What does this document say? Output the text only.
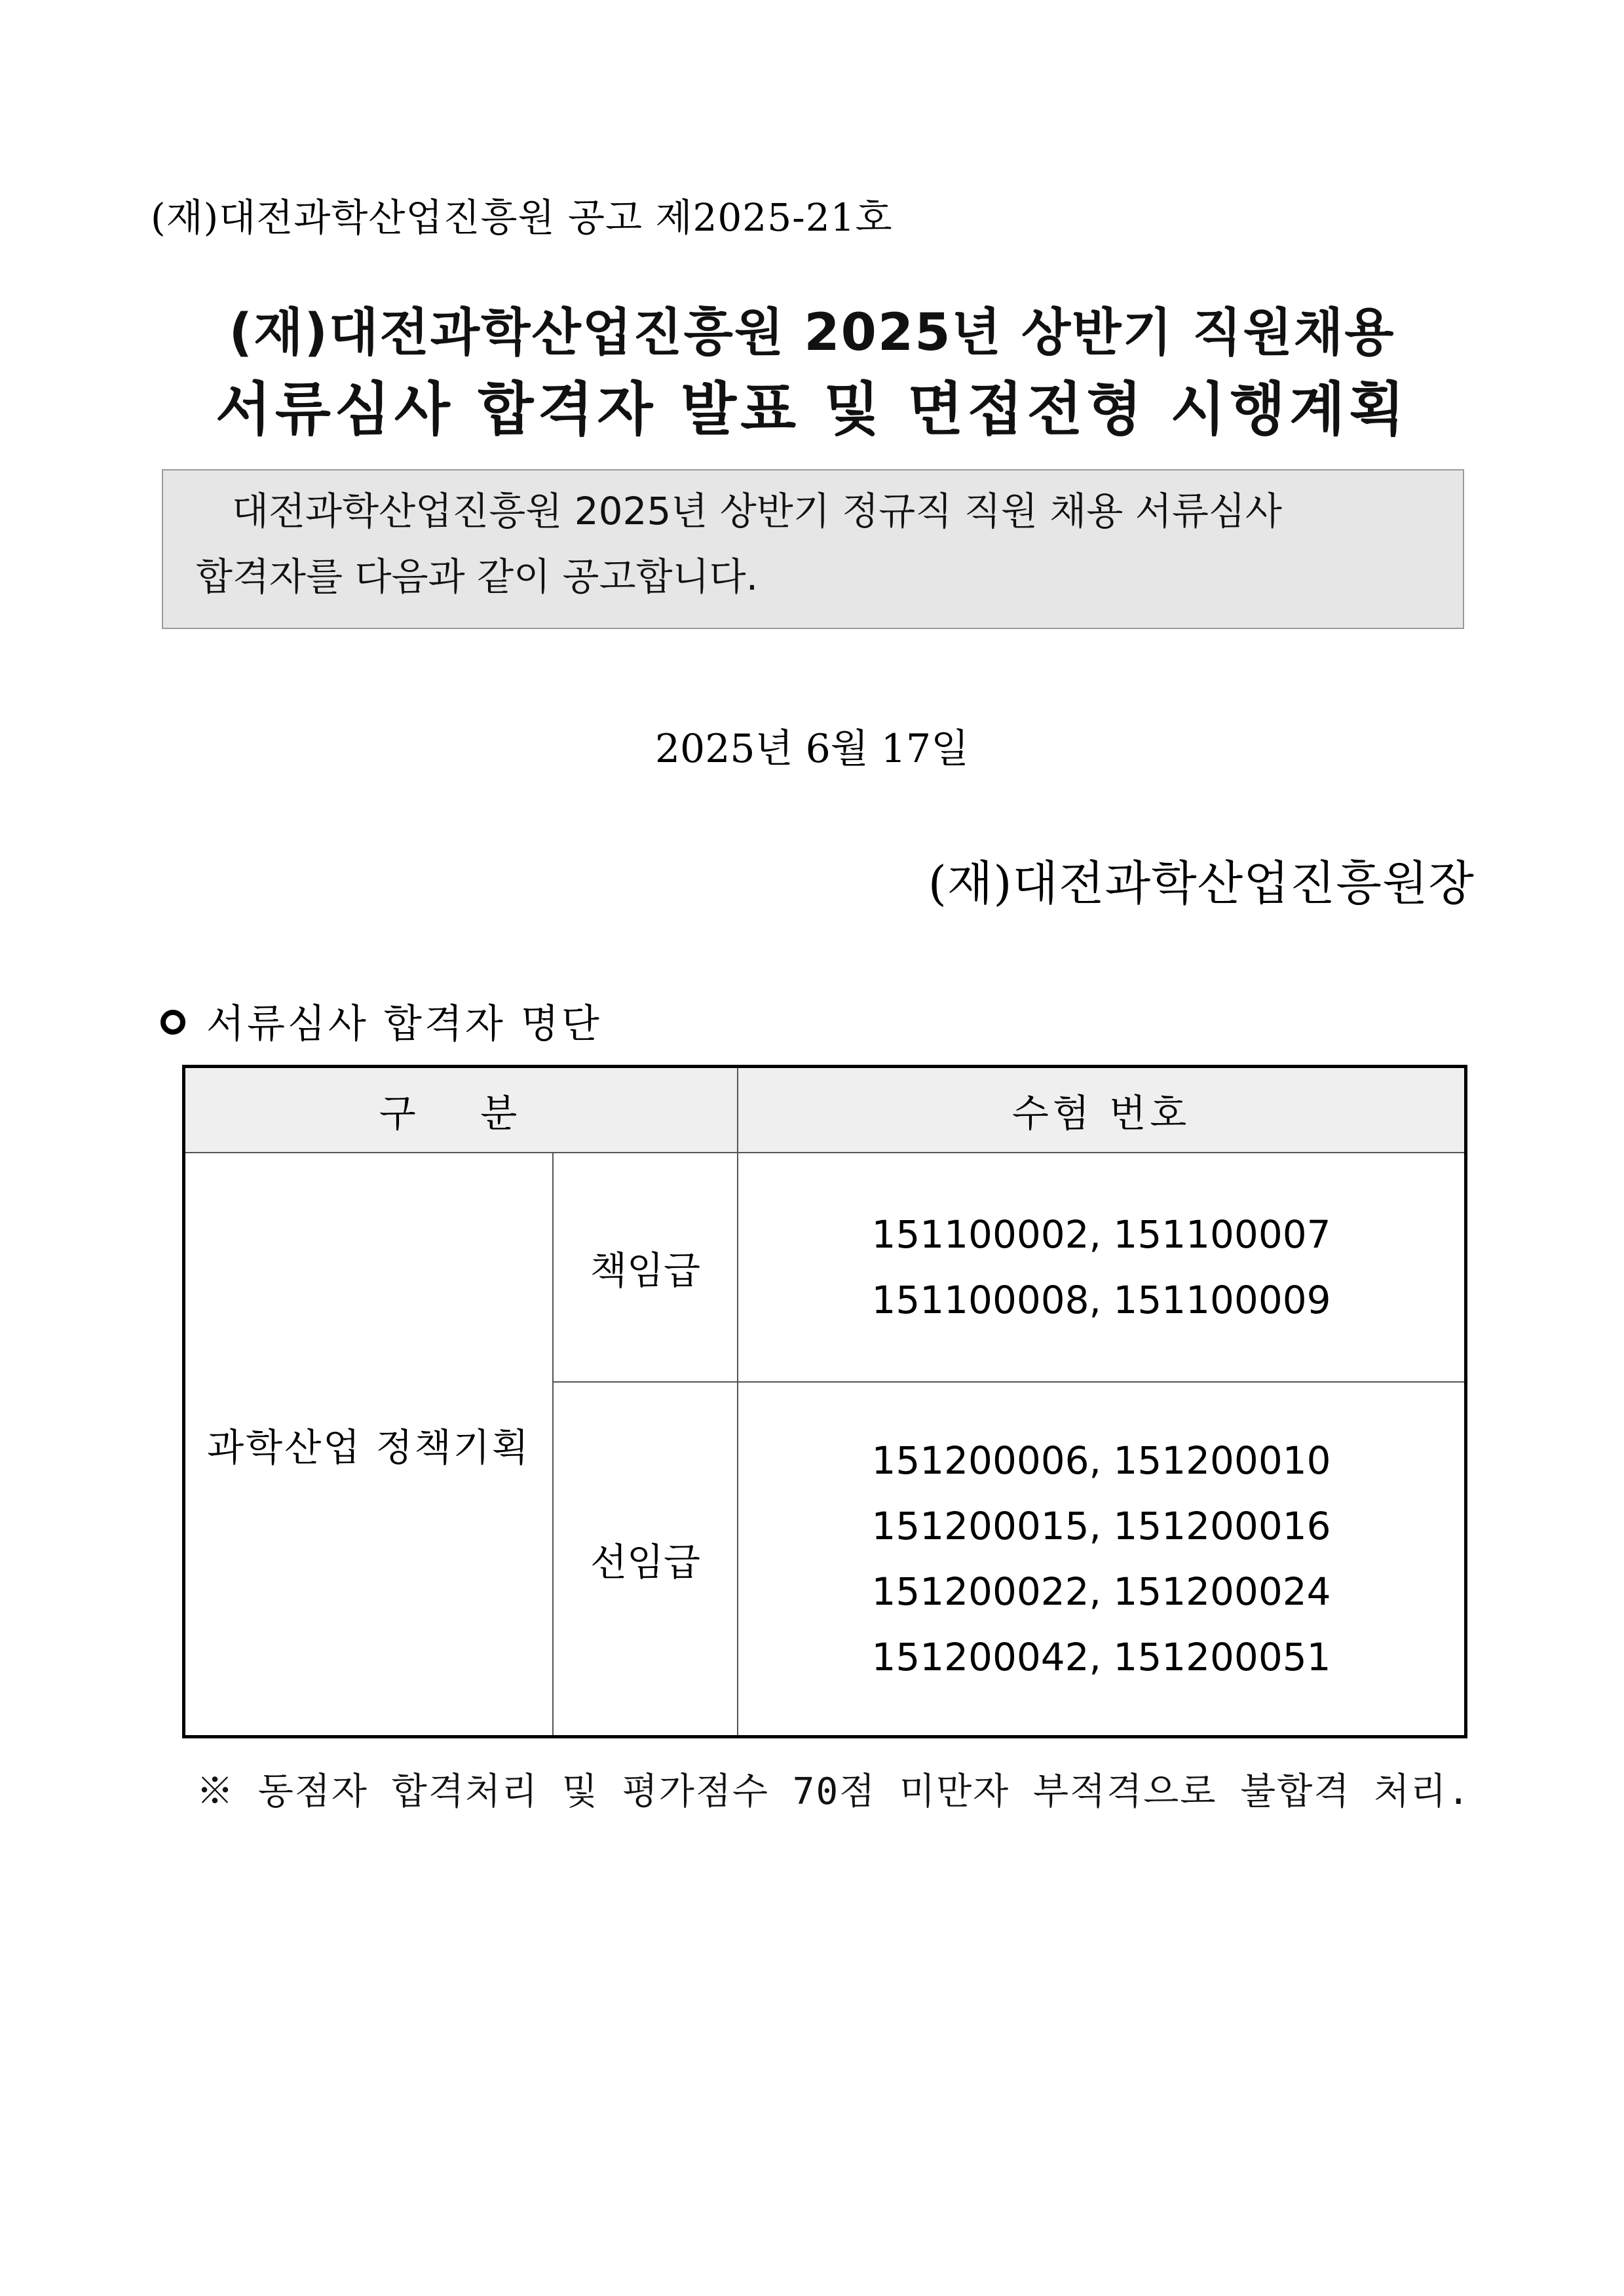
(재)대전과학산업진흥원 공고 제2025-21호
(재)대전과학산업진흥원 2025년 상반기 직원채용
서류심사 합격자 발표 및 면접전형 시행계획
대전과학산업진흥원 2025년 상반기 정규직 직원 채용 서류심사
합격자를 다음과 같이 공고합니다.
2025년 6월 17일
(재)대전과학산업진흥원장
서류심사 합격자 명단
구 분		수험 번호
과학산업 정책기획	책임급	151100002, 151100007
151100008, 151100009

	선임급	151200006, 151200010
151200015, 151200016
151200022, 151200024
151200042, 151200051
※ 동점자 합격처리 및 평가점수 70점 미만자 부적격으로 불합격 처리.
